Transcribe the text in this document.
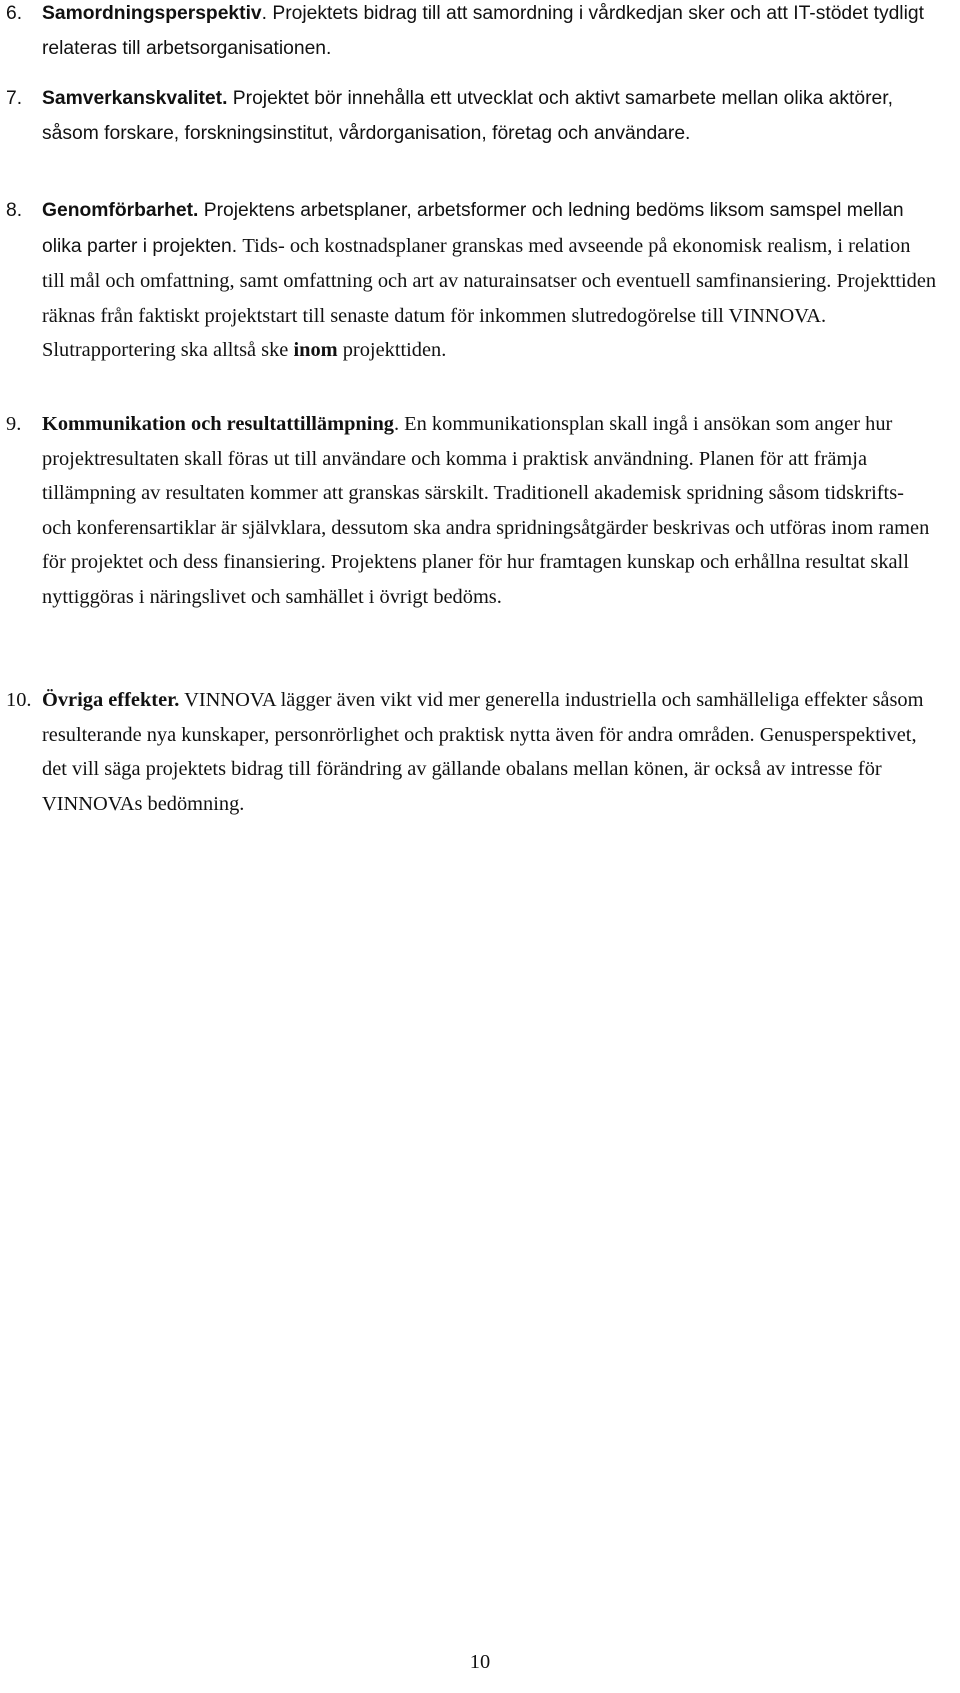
6. Samordningsperspektiv. Projektets bidrag till att samordning i vårdkedjan sker och att IT-stödet tydligt relateras till arbetsorganisationen.
7. Samverkanskvalitet. Projektet bör innehålla ett utvecklat och aktivt samarbete mellan olika aktörer, såsom forskare, forskningsinstitut, vårdorganisation, företag och användare.
8. Genomförbarhet. Projektens arbetsplaner, arbetsformer och ledning bedöms liksom samspel mellan olika parter i projekten. Tids- och kostnadsplaner granskas med avseende på ekonomisk realism, i relation till mål och omfattning, samt omfattning och art av naturainsatser och eventuell samfinansiering. Projekttiden räknas från faktiskt projektstart till senaste datum för inkommen slutredogörelse till VINNOVA. Slutrapportering ska alltså ske inom projekttiden.
9. Kommunikation och resultattillämpning. En kommunikationsplan skall ingå i ansökan som anger hur projektresultaten skall föras ut till användare och komma i praktisk användning. Planen för att främja tillämpning av resultaten kommer att granskas särskilt. Traditionell akademisk spridning såsom tidskrifts- och konferensartiklar är självklara, dessutom ska andra spridningsåtgärder beskrivas och utföras inom ramen för projektet och dess finansiering. Projektens planer för hur framtagen kunskap och erhållna resultat skall nyttiggöras i näringslivet och samhället i övrigt bedöms.
10. Övriga effekter. VINNOVA lägger även vikt vid mer generella industriella och samhälleliga effekter såsom resulterande nya kunskaper, personrörlighet och praktisk nytta även för andra områden. Genusperspektivet, det vill säga projektets bidrag till förändring av gällande obalans mellan könen, är också av intresse för VINNOVAs bedömning.
10
